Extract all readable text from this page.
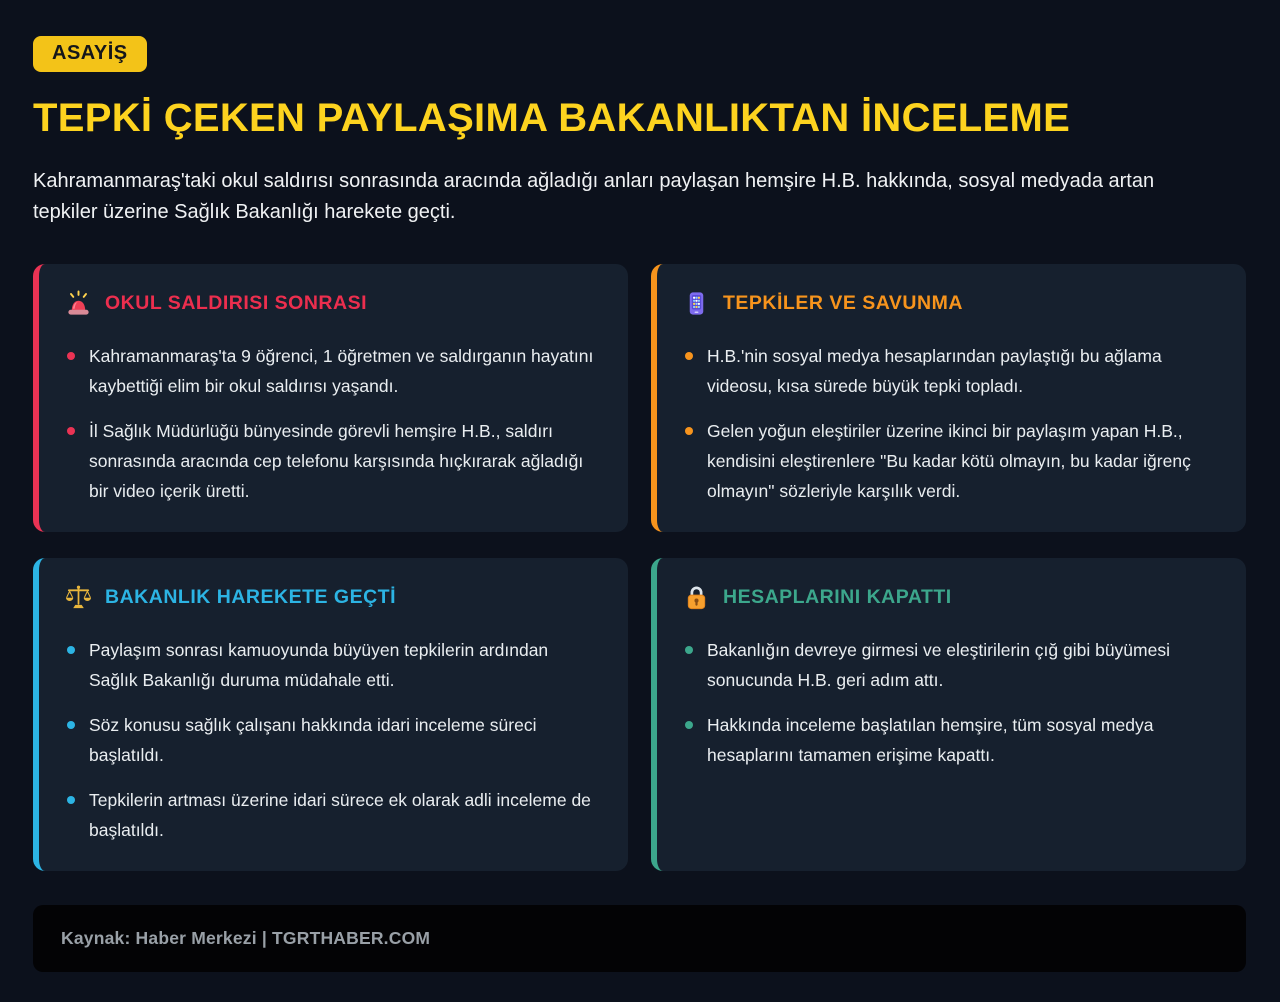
ASAYİŞ
TEPKİ ÇEKEN PAYLAŞIMA BAKANLIKTAN İNCELEME

Kahramanmaraş'taki okul saldırısı sonrasında aracında ağladığı anları paylaşan hemşire H.B. hakkında, sosyal medyada artan tepkiler üzerine Sağlık Bakanlığı harekete geçti.

OKUL SALDIRISI SONRASI
Kahramanmaraş'ta 9 öğrenci, 1 öğretmen ve saldırganın hayatını kaybettiği elim bir okul saldırısı yaşandı.
İl Sağlık Müdürlüğü bünyesinde görevli hemşire H.B., saldırı sonrasında aracında cep telefonu karşısında hıçkırarak ağladığı bir video içerik üretti.
TEPKİLER VE SAVUNMA
H.B.'nin sosyal medya hesaplarından paylaştığı bu ağlama videosu, kısa sürede büyük tepki topladı.
Gelen yoğun eleştiriler üzerine ikinci bir paylaşım yapan H.B., kendisini eleştirenlere "Bu kadar kötü olmayın, bu kadar iğrenç olmayın" sözleriyle karşılık verdi.
BAKANLIK HAREKETE GEÇTİ
Paylaşım sonrası kamuoyunda büyüyen tepkilerin ardından Sağlık Bakanlığı duruma müdahale etti.
Söz konusu sağlık çalışanı hakkında idari inceleme süreci başlatıldı.
Tepkilerin artması üzerine idari sürece ek olarak adli inceleme de başlatıldı.
HESAPLARINI KAPATTI
Bakanlığın devreye girmesi ve eleştirilerin çığ gibi büyümesi sonucunda H.B. geri adım attı.
Hakkında inceleme başlatılan hemşire, tüm sosyal medya hesaplarını tamamen erişime kapattı.
Kaynak: Haber Merkezi | TGRTHABER.COM
